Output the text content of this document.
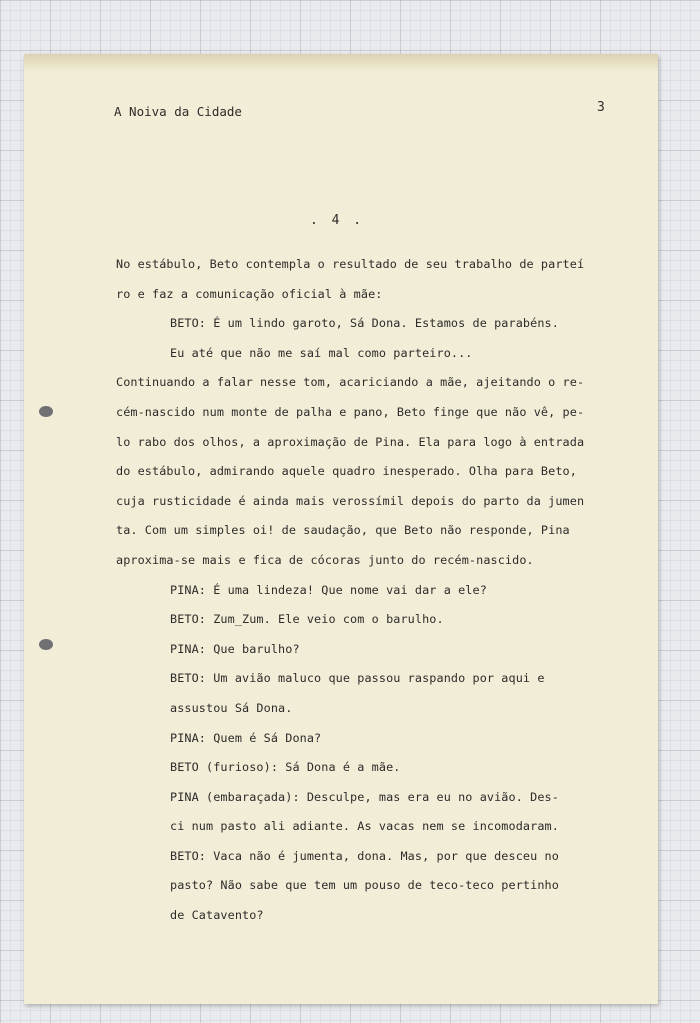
A Noiva da Cidade	3
. 4 .
No estábulo, Beto contempla o resultado de seu trabalho de parteí
ro e faz a comunicação oficial à mãe:
BETO: É um lindo garoto, Sá Dona. Estamos de parabéns.
Eu até que não me saí mal como parteiro...
Continuando a falar nesse tom, acariciando a mãe, ajeitando o re-
cém-nascido num monte de palha e pano, Beto finge que não vê, pe-
lo rabo dos olhos, a aproximação de Pina. Ela para logo à entrada
do estábulo, admirando aquele quadro inesperado. Olha para Beto,
cuja rusticidade é ainda mais verossímil depois do parto da jumen
ta. Com um simples oi! de saudação, que Beto não responde, Pina
aproxima-se mais e fica de cócoras junto do recém-nascido.
PINA: É uma lindeza! Que nome vai dar a ele?
BETO: Zum_Zum. Ele veio com o barulho.
PINA: Que barulho?
BETO: Um avião maluco que passou raspando por aqui e
assustou Sá Dona.
PINA: Quem é Sá Dona?
BETO (furioso): Sá Dona é a mãe.
PINA (embaraçada): Desculpe, mas era eu no avião. Des-
ci num pasto ali adiante. As vacas nem se incomodaram.
BETO: Vaca não é jumenta, dona. Mas, por que desceu no
pasto? Não sabe que tem um pouso de teco-teco pertinho
de Catavento?
